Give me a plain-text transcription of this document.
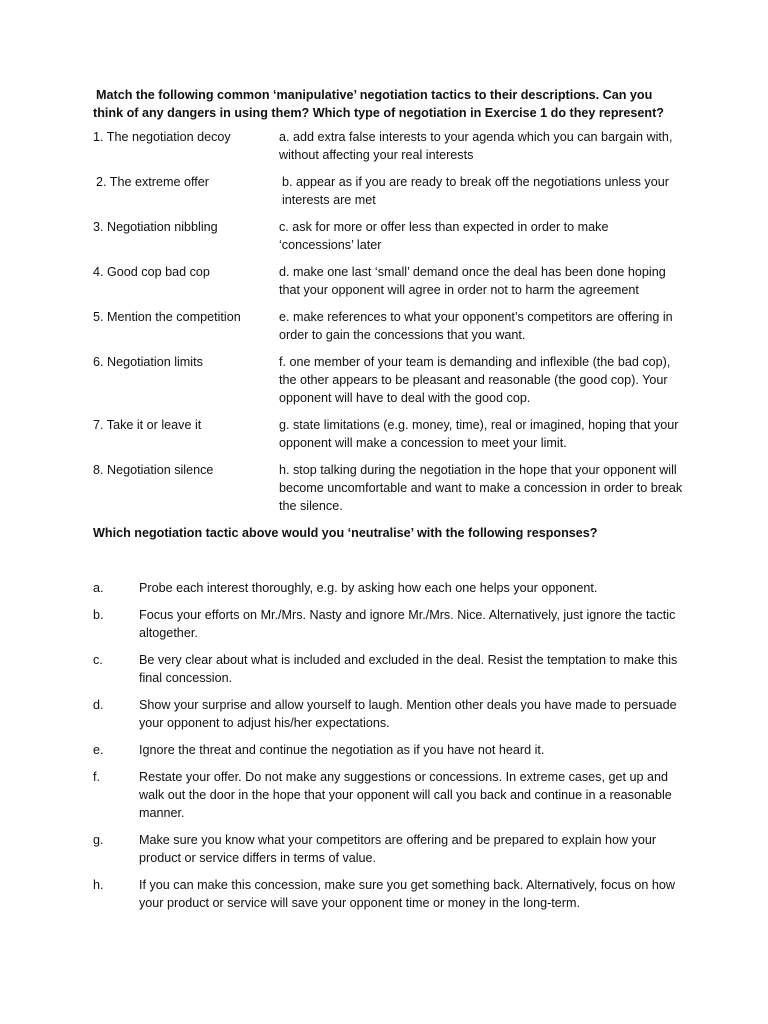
Match the following common ‘manipulative’ negotiation tactics to their descriptions. Can you think of any dangers in using them? Which type of negotiation in Exercise 1 do they represent?

1. The negotiation decoy	a. add extra false interests to your agenda which you can bargain with, without affecting your real interests
2. The extreme offer	b. appear as if you are ready to break off the negotiations unless your interests are met
3. Negotiation nibbling	c. ask for more or offer less than expected in order to make ‘concessions’ later
4. Good cop bad cop	d. make one last ‘small’ demand once the deal has been done hoping that your opponent will agree in order not to harm the agreement
5. Mention the competition	e. make references to what your opponent’s competitors are offering in order to gain the concessions that you want.
6. Negotiation limits	f. one member of your team is demanding and inflexible (the bad cop), the other appears to be pleasant and reasonable (the good cop). Your opponent will have to deal with the good cop.
7. Take it or leave it	g. state limitations (e.g. money, time), real or imagined, hoping that your opponent will make a concession to meet your limit.
8. Negotiation silence	h. stop talking during the negotiation in the hope that your opponent will become uncomfortable and want to make a concession in order to break the silence.

Which negotiation tactic above would you ‘neutralise’ with the following responses?

a.	Probe each interest thoroughly, e.g. by asking how each one helps your opponent.
b.	Focus your efforts on Mr./Mrs. Nasty and ignore Mr./Mrs. Nice. Alternatively, just ignore the tactic altogether.
c.	Be very clear about what is included and excluded in the deal. Resist the temptation to make this final concession.
d.	Show your surprise and allow yourself to laugh. Mention other deals you have made to persuade your opponent to adjust his/her expectations.
e.	Ignore the threat and continue the negotiation as if you have not heard it.
f.	Restate your offer. Do not make any suggestions or concessions. In extreme cases, get up and walk out the door in the hope that your opponent will call you back and continue in a reasonable manner.
g.	Make sure you know what your competitors are offering and be prepared to explain how your product or service differs in terms of value.
h.	If you can make this concession, make sure you get something back. Alternatively, focus on how your product or service will save your opponent time or money in the long-term.
